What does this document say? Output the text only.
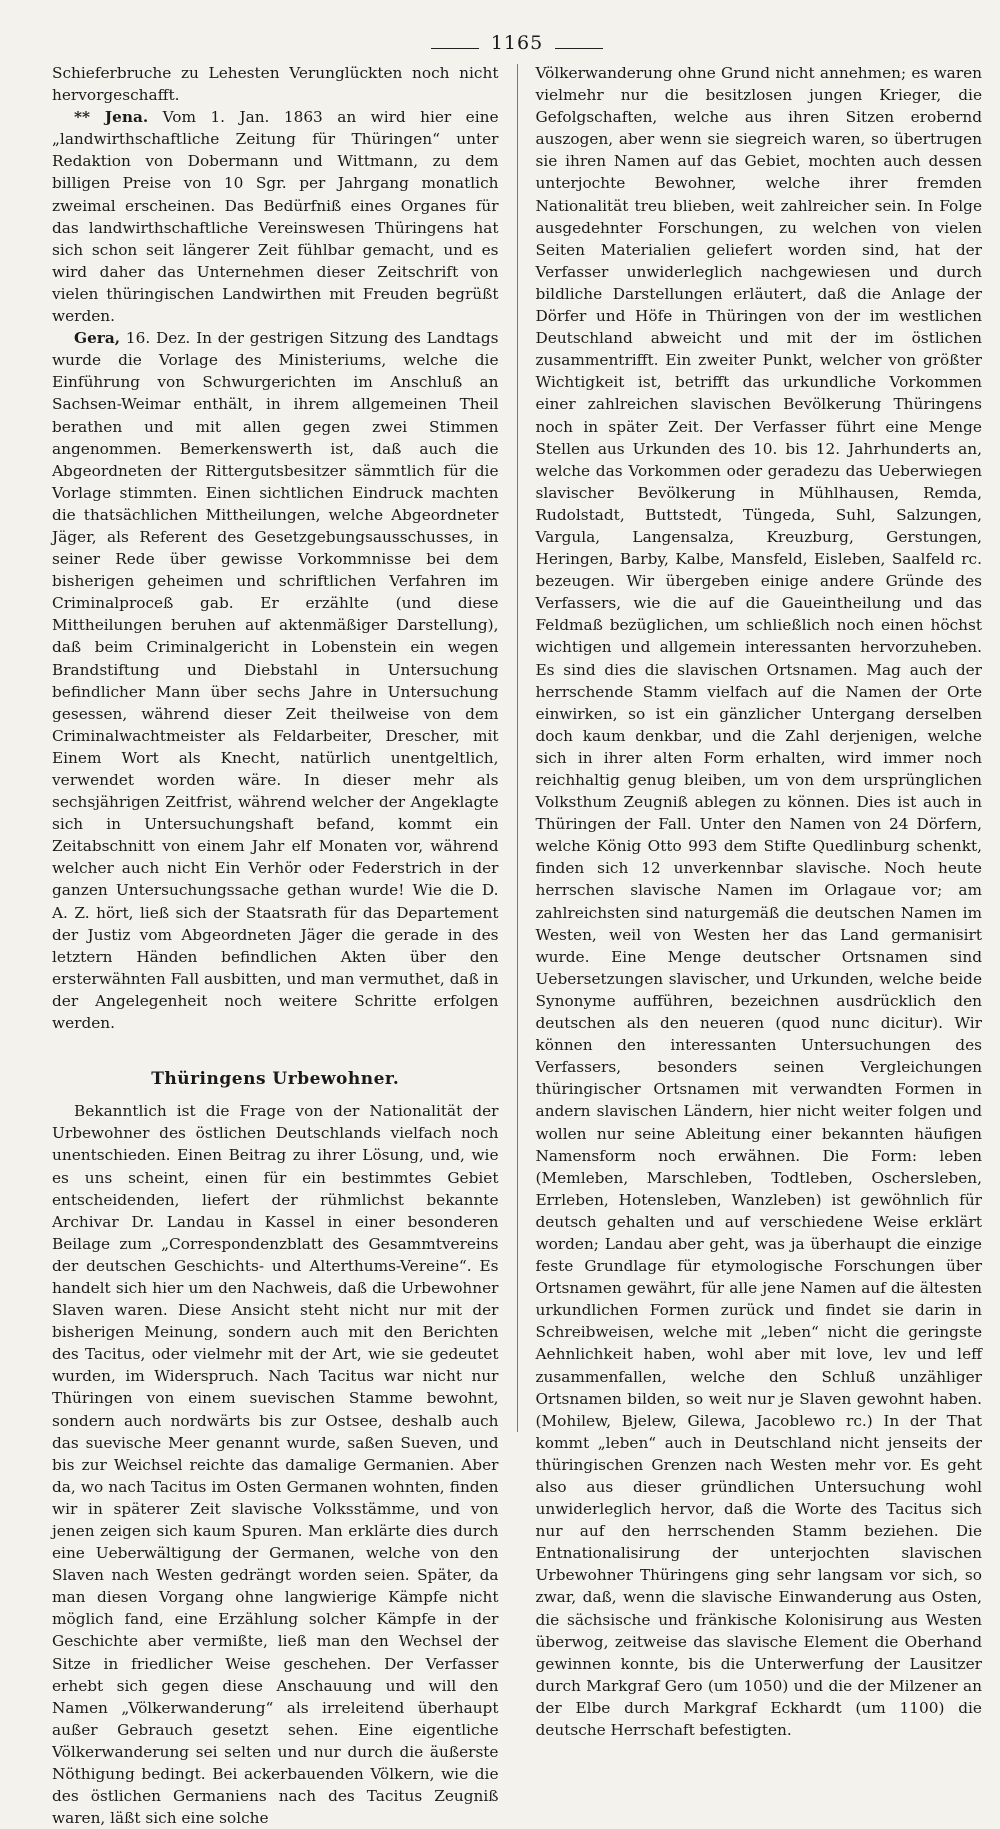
1165

Schieferbruche zu Lehesten Verunglückten noch nicht hervorgeschafft.

** Jena. Vom 1. Jan. 1863 an wird hier eine „landwirthschaftliche Zeitung für Thüringen“ unter Redaktion von Dobermann und Wittmann, zu dem billigen Preise von 10 Sgr. per Jahrgang monatlich zweimal erscheinen. Das Bedürfniß eines Organes für das landwirthschaftliche Vereinswesen Thüringens hat sich schon seit längerer Zeit fühlbar gemacht, und es wird daher das Unternehmen dieser Zeitschrift von vielen thüringischen Landwirthen mit Freuden begrüßt werden.

Gera, 16. Dez. In der gestrigen Sitzung des Landtags wurde die Vorlage des Ministeriums, welche die Einführung von Schwurgerichten im Anschluß an Sachsen-Weimar enthält, in ihrem allgemeinen Theil berathen und mit allen gegen zwei Stimmen angenommen. Bemerkenswerth ist, daß auch die Abgeordneten der Rittergutsbesitzer sämmtlich für die Vorlage stimmten. Einen sichtlichen Eindruck machten die thatsächlichen Mittheilungen, welche Abgeordneter Jäger, als Referent des Gesetzgebungsausschusses, in seiner Rede über gewisse Vorkommnisse bei dem bisherigen geheimen und schriftlichen Verfahren im Criminalproceß gab. Er erzählte (und diese Mittheilungen beruhen auf aktenmäßiger Darstellung), daß beim Criminalgericht in Lobenstein ein wegen Brandstiftung und Diebstahl in Untersuchung befindlicher Mann über sechs Jahre in Untersuchung gesessen, während dieser Zeit theilweise von dem Criminalwachtmeister als Feldarbeiter, Drescher, mit Einem Wort als Knecht, natürlich unentgeltlich, verwendet worden wäre. In dieser mehr als sechsjährigen Zeitfrist, während welcher der Angeklagte sich in Untersuchungshaft befand, kommt ein Zeitabschnitt von einem Jahr elf Monaten vor, während welcher auch nicht Ein Verhör oder Federstrich in der ganzen Untersuchungssache gethan wurde! Wie die D. A. Z. hört, ließ sich der Staatsrath für das Departement der Justiz vom Abgeordneten Jäger die gerade in des letztern Händen befindlichen Akten über den ersterwähnten Fall ausbitten, und man vermuthet, daß in der Angelegenheit noch weitere Schritte erfolgen werden.

Thüringens Urbewohner.

Bekanntlich ist die Frage von der Nationalität der Urbewohner des östlichen Deutschlands vielfach noch unentschieden. Einen Beitrag zu ihrer Lösung, und, wie es uns scheint, einen für ein bestimmtes Gebiet entscheidenden, liefert der rühmlichst bekannte Archivar Dr. Landau in Kassel in einer besonderen Beilage zum „Correspondenzblatt des Gesammtvereins der deutschen Geschichts- und Alterthums-Vereine“. Es handelt sich hier um den Nachweis, daß die Urbewohner Slaven waren. Diese Ansicht steht nicht nur mit der bisherigen Meinung, sondern auch mit den Berichten des Tacitus, oder vielmehr mit der Art, wie sie gedeutet wurden, im Widerspruch. Nach Tacitus war nicht nur Thüringen von einem suevischen Stamme bewohnt, sondern auch nordwärts bis zur Ostsee, deshalb auch das suevische Meer genannt wurde, saßen Sueven, und bis zur Weichsel reichte das damalige Germanien. Aber da, wo nach Tacitus im Osten Germanen wohnten, finden wir in späterer Zeit slavische Volksstämme, und von jenen zeigen sich kaum Spuren. Man erklärte dies durch eine Ueberwältigung der Germanen, welche von den Slaven nach Westen gedrängt worden seien. Später, da man diesen Vorgang ohne langwierige Kämpfe nicht möglich fand, eine Erzählung solcher Kämpfe in der Geschichte aber vermißte, ließ man den Wechsel der Sitze in friedlicher Weise geschehen. Der Verfasser erhebt sich gegen diese Anschauung und will den Namen „Völkerwanderung“ als irreleitend überhaupt außer Gebrauch gesetzt sehen. Eine eigentliche Völkerwanderung sei selten und nur durch die äußerste Nöthigung bedingt. Bei ackerbauenden Völkern, wie die des östlichen Germaniens nach des Tacitus Zeugniß waren, läßt sich eine solche

Völkerwanderung ohne Grund nicht annehmen; es waren vielmehr nur die besitzlosen jungen Krieger, die Gefolgschaften, welche aus ihren Sitzen erobernd auszogen, aber wenn sie siegreich waren, so übertrugen sie ihren Namen auf das Gebiet, mochten auch dessen unterjochte Bewohner, welche ihrer fremden Nationalität treu blieben, weit zahlreicher sein. In Folge ausgedehnter Forschungen, zu welchen von vielen Seiten Materialien geliefert worden sind, hat der Verfasser unwiderleglich nachgewiesen und durch bildliche Darstellungen erläutert, daß die Anlage der Dörfer und Höfe in Thüringen von der im westlichen Deutschland abweicht und mit der im östlichen zusammentrifft. Ein zweiter Punkt, welcher von größter Wichtigkeit ist, betrifft das urkundliche Vorkommen einer zahlreichen slavischen Bevölkerung Thüringens noch in später Zeit. Der Verfasser führt eine Menge Stellen aus Urkunden des 10. bis 12. Jahrhunderts an, welche das Vorkommen oder geradezu das Ueberwiegen slavischer Bevölkerung in Mühlhausen, Remda, Rudolstadt, Buttstedt, Tüngeda, Suhl, Salzungen, Vargula, Langensalza, Kreuzburg, Gerstungen, Heringen, Barby, Kalbe, Mansfeld, Eisleben, Saalfeld rc. bezeugen. Wir übergeben einige andere Gründe des Verfassers, wie die auf die Gaueintheilung und das Feldmaß bezüglichen, um schließlich noch einen höchst wichtigen und allgemein interessanten hervorzuheben. Es sind dies die slavischen Ortsnamen. Mag auch der herrschende Stamm vielfach auf die Namen der Orte einwirken, so ist ein gänzlicher Untergang derselben doch kaum denkbar, und die Zahl derjenigen, welche sich in ihrer alten Form erhalten, wird immer noch reichhaltig genug bleiben, um von dem ursprünglichen Volksthum Zeugniß ablegen zu können. Dies ist auch in Thüringen der Fall. Unter den Namen von 24 Dörfern, welche König Otto 993 dem Stifte Quedlinburg schenkt, finden sich 12 unverkennbar slavische. Noch heute herrschen slavische Namen im Orlagaue vor; am zahlreichsten sind naturgemäß die deutschen Namen im Westen, weil von Westen her das Land germanisirt wurde. Eine Menge deutscher Ortsnamen sind Uebersetzungen slavischer, und Urkunden, welche beide Synonyme aufführen, bezeichnen ausdrücklich den deutschen als den neueren (quod nunc dicitur). Wir können den interessanten Untersuchungen des Verfassers, besonders seinen Vergleichungen thüringischer Ortsnamen mit verwandten Formen in andern slavischen Ländern, hier nicht weiter folgen und wollen nur seine Ableitung einer bekannten häufigen Namensform noch erwähnen. Die Form: leben (Memleben, Marschleben, Todtleben, Oschersleben, Errleben, Hotensleben, Wanzleben) ist gewöhnlich für deutsch gehalten und auf verschiedene Weise erklärt worden; Landau aber geht, was ja überhaupt die einzige feste Grundlage für etymologische Forschungen über Ortsnamen gewährt, für alle jene Namen auf die ältesten urkundlichen Formen zurück und findet sie darin in Schreibweisen, welche mit „leben“ nicht die geringste Aehnlichkeit haben, wohl aber mit love, lev und leff zusammenfallen, welche den Schluß unzähliger Ortsnamen bilden, so weit nur je Slaven gewohnt haben. (Mohilew, Bjelew, Gilewa, Jacoblewo rc.) In der That kommt „leben“ auch in Deutschland nicht jenseits der thüringischen Grenzen nach Westen mehr vor. Es geht also aus dieser gründlichen Untersuchung wohl unwiderleglich hervor, daß die Worte des Tacitus sich nur auf den herrschenden Stamm beziehen. Die Entnationalisirung der unterjochten slavischen Urbewohner Thüringens ging sehr langsam vor sich, so zwar, daß, wenn die slavische Einwanderung aus Osten, die sächsische und fränkische Kolonisirung aus Westen überwog, zeitweise das slavische Element die Oberhand gewinnen konnte, bis die Unterwerfung der Lausitzer durch Markgraf Gero (um 1050) und die der Milzener an der Elbe durch Markgraf Eckhardt (um 1100) die deutsche Herrschaft befestigten.
